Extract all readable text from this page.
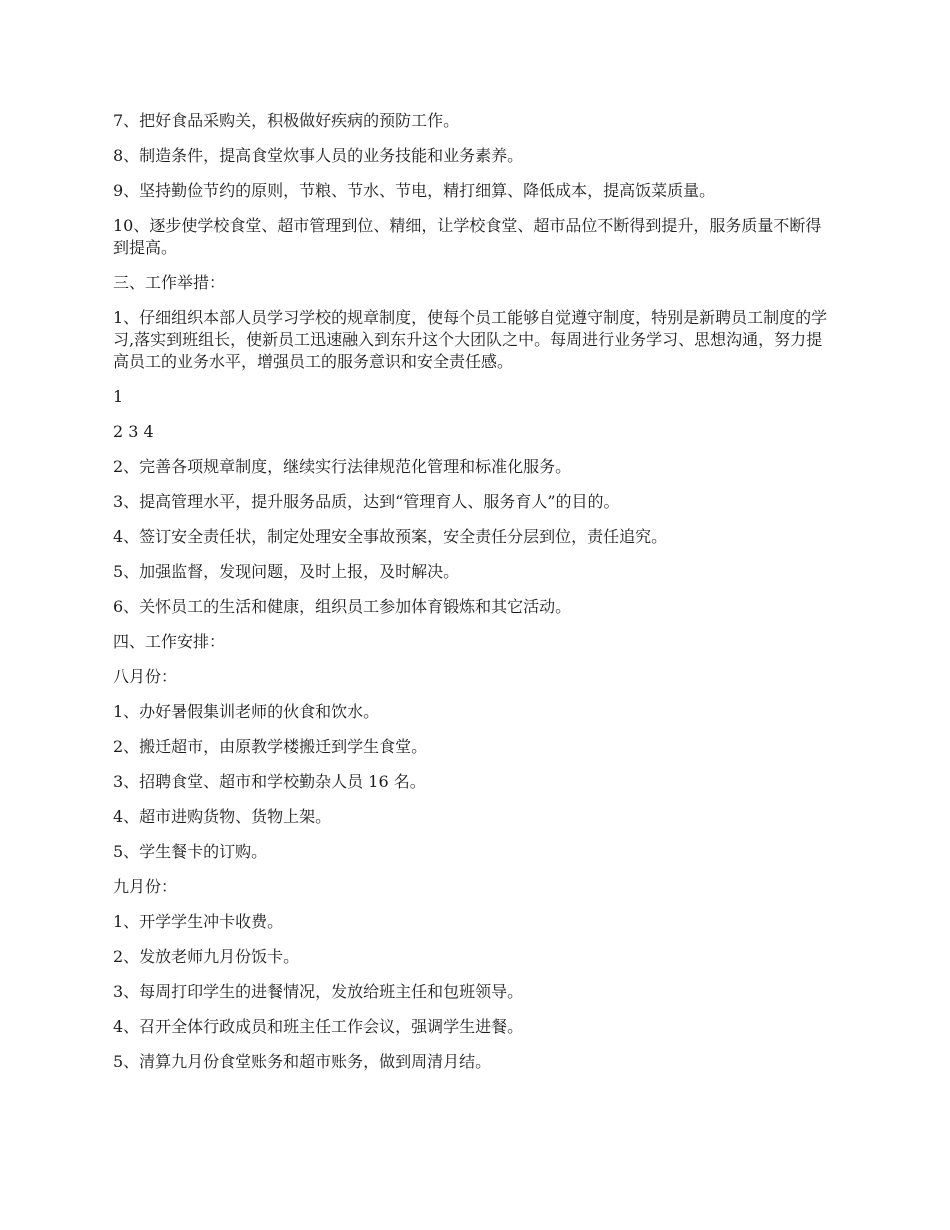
7、把好食品采购关，积极做好疾病的预防工作。

8、制造条件，提高食堂炊事人员的业务技能和业务素养。

9、坚持勤俭节约的原则，节粮、节水、节电，精打细算、降低成本，提高饭菜质量。

10、逐步使学校食堂、超市管理到位、精细，让学校食堂、超市品位不断得到提升，服务质量不断得到提高。

三、工作举措：

1、仔细组织本部人员学习学校的规章制度，使每个员工能够自觉遵守制度，特别是新聘员工制度的学习,落实到班组长，使新员工迅速融入到东升这个大团队之中。每周进行业务学习、思想沟通，努力提高员工的业务水平，增强员工的服务意识和安全责任感。

1

2 3 4

2、完善各项规章制度，继续实行法律规范化管理和标准化服务。

3、提高管理水平，提升服务品质，达到“管理育人、服务育人”的目的。

4、签订安全责任状，制定处理安全事故预案，安全责任分层到位，责任追究。

5、加强监督，发现问题，及时上报，及时解决。

6、关怀员工的生活和健康，组织员工参加体育锻炼和其它活动。

四、工作安排：

八月份：

1、办好暑假集训老师的伙食和饮水。

2、搬迁超市，由原教学楼搬迁到学生食堂。

3、招聘食堂、超市和学校勤杂人员 16 名。

4、超市进购货物、货物上架。

5、学生餐卡的订购。

九月份：

1、开学学生冲卡收费。

2、发放老师九月份饭卡。

3、每周打印学生的进餐情况，发放给班主任和包班领导。

4、召开全体行政成员和班主任工作会议，强调学生进餐。

5、清算九月份食堂账务和超市账务，做到周清月结。
